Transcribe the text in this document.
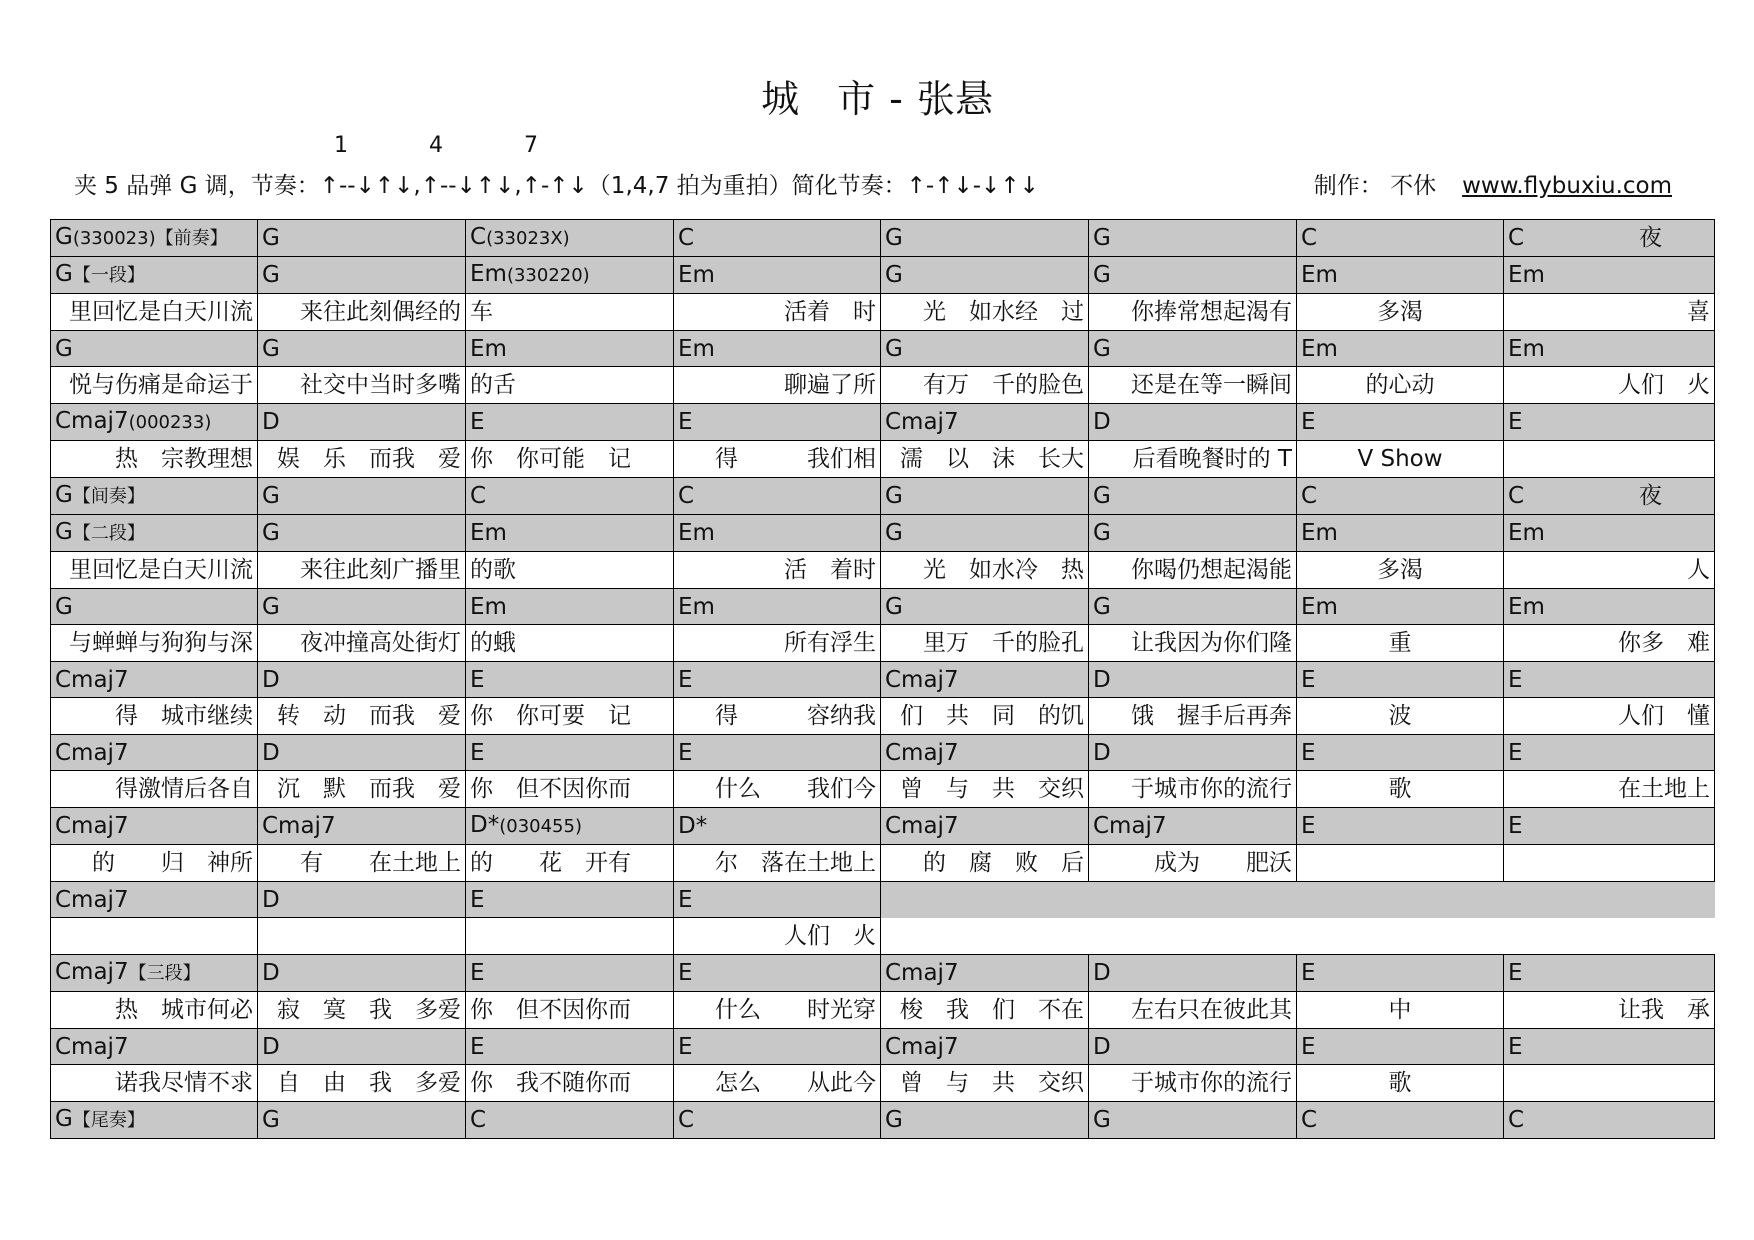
城　市 - 张悬
1	4	7
夹 5 品弹 G 调，节奏：↑--↓↑↓,↑--↓↑↓,↑-↑↓（1,4,7 拍为重拍）简化节奏：↑-↑↓-↓↑↓	制作： 不休 www.flybuxiu.com
G(330023)【前奏】	G	C(33023X)	C	G	G	C	C　　　　　夜
G【一段】	G	Em(330220)	Em	G	G	Em	Em
里回忆是白天川流	来往此刻偶经的	车	活着　时	光　如水经　过	你捧常想起渴有	多渴	喜
G	G	Em	Em	G	G	Em	Em
悦与伤痛是命运于	社交中当时多嘴	的舌	聊遍了所	有万　千的脸色	还是在等一瞬间	的心动	人们　火
Cmaj7(000233)	D	E	E	Cmaj7	D	E	E
热　宗教理想	娱　乐　而我　爱	你　你可能　记	得　　　我们相	濡　以　沫　长大	后看晚餐时的 T	V Show	
G【间奏】	G	C	C	G	G	C	C　　　　　夜
G【二段】	G	Em	Em	G	G	Em	Em
里回忆是白天川流	来往此刻广播里	的歌	活　着时	光　如水冷　热	你喝仍想起渴能	多渴	人
G	G	Em	Em	G	G	Em	Em
与蝉蝉与狗狗与深	夜冲撞高处街灯	的蛾	所有浮生	里万　千的脸孔	让我因为你们隆	重	你多　难
Cmaj7	D	E	E	Cmaj7	D	E	E
得　城市继续	转　动　而我　爱	你　你可要　记	得　　　容纳我	们　共　同　的饥	饿　握手后再奔	波	人们　懂
Cmaj7	D	E	E	Cmaj7	D	E	E
得激情后各自	沉　默　而我　爱	你　但不因你而	什么　　我们今	曾　与　共　交织	于城市你的流行	歌	在土地上
Cmaj7	Cmaj7	D*(030455)	D*	Cmaj7	Cmaj7	E	E
的　　归　神所	有　　在土地上	的　　花　开有	尔　落在土地上	的　腐　败　后	成为　　肥沃		
Cmaj7	D	E	E				
			人们　火				
Cmaj7【三段】	D	E	E	Cmaj7	D	E	E
热　城市何必	寂　寞　我　多爱	你　但不因你而	什么　　时光穿	梭　我　们　不在	左右只在彼此其	中	让我　承
Cmaj7	D	E	E	Cmaj7	D	E	E
诺我尽情不求	自　由　我　多爱	你　我不随你而	怎么　　从此今	曾　与　共　交织	于城市你的流行	歌	
G【尾奏】	G	C	C	G	G	C	C
